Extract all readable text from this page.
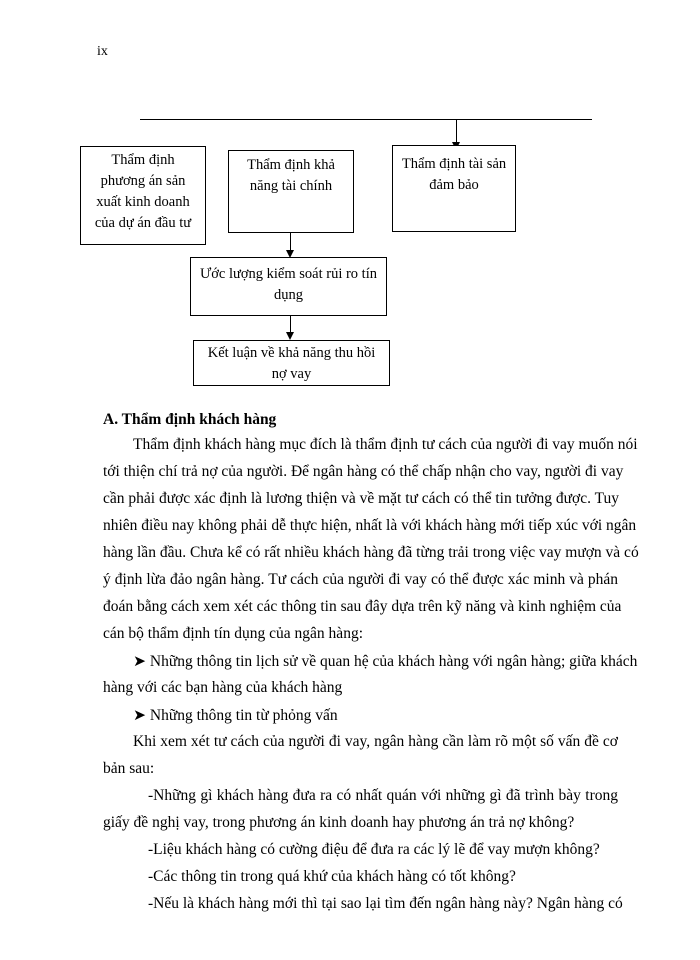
ix
Thẩm định
phương án sản
xuất kinh doanh
của dự án đầu tư
Thẩm định khả
năng tài chính
Thẩm định tài sản
đảm bảo
Ước lượng kiểm soát rủi ro tín
dụng
Kết luận về khả năng thu hồi
nợ vay
A. Thẩm định khách hàng
Thẩm định khách hàng mục đích là thẩm định tư cách của người đi vay muốn nói
tới thiện chí trả nợ của người. Để ngân hàng có thể chấp nhận cho vay, người đi vay
cần phải được xác định là lương thiện và về mặt tư cách có thể tin tưởng được. Tuy
nhiên điều nay không phải dễ thực hiện, nhất là với khách hàng mới tiếp xúc với ngân
hàng lần đầu. Chưa kể có rất nhiều khách hàng đã từng trải trong việc vay mượn và có
ý định lừa đảo ngân hàng. Tư cách của người đi vay có thể được xác minh và phán
đoán bằng cách xem xét các thông tin sau đây dựa trên kỹ năng và kinh nghiệm của
cán bộ thẩm định tín dụng của ngân hàng:
➤ Những thông tin lịch sử về quan hệ của khách hàng với ngân hàng; giữa khách
hàng với các bạn hàng của khách hàng
➤ Những thông tin từ phỏng vấn
Khi xem xét tư cách của người đi vay, ngân hàng cần làm rõ một số vấn đề cơ
bản sau:
-Những gì khách hàng đưa ra có nhất quán với những gì đã trình bày trong
giấy đề nghị vay, trong phương án kinh doanh hay phương án trả nợ không?
-Liệu khách hàng có cường điệu để đưa ra các lý lẽ để vay mượn không?
-Các thông tin trong quá khứ của khách hàng có tốt không?
-Nếu là khách hàng mới thì tại sao lại tìm đến ngân hàng này? Ngân hàng có
